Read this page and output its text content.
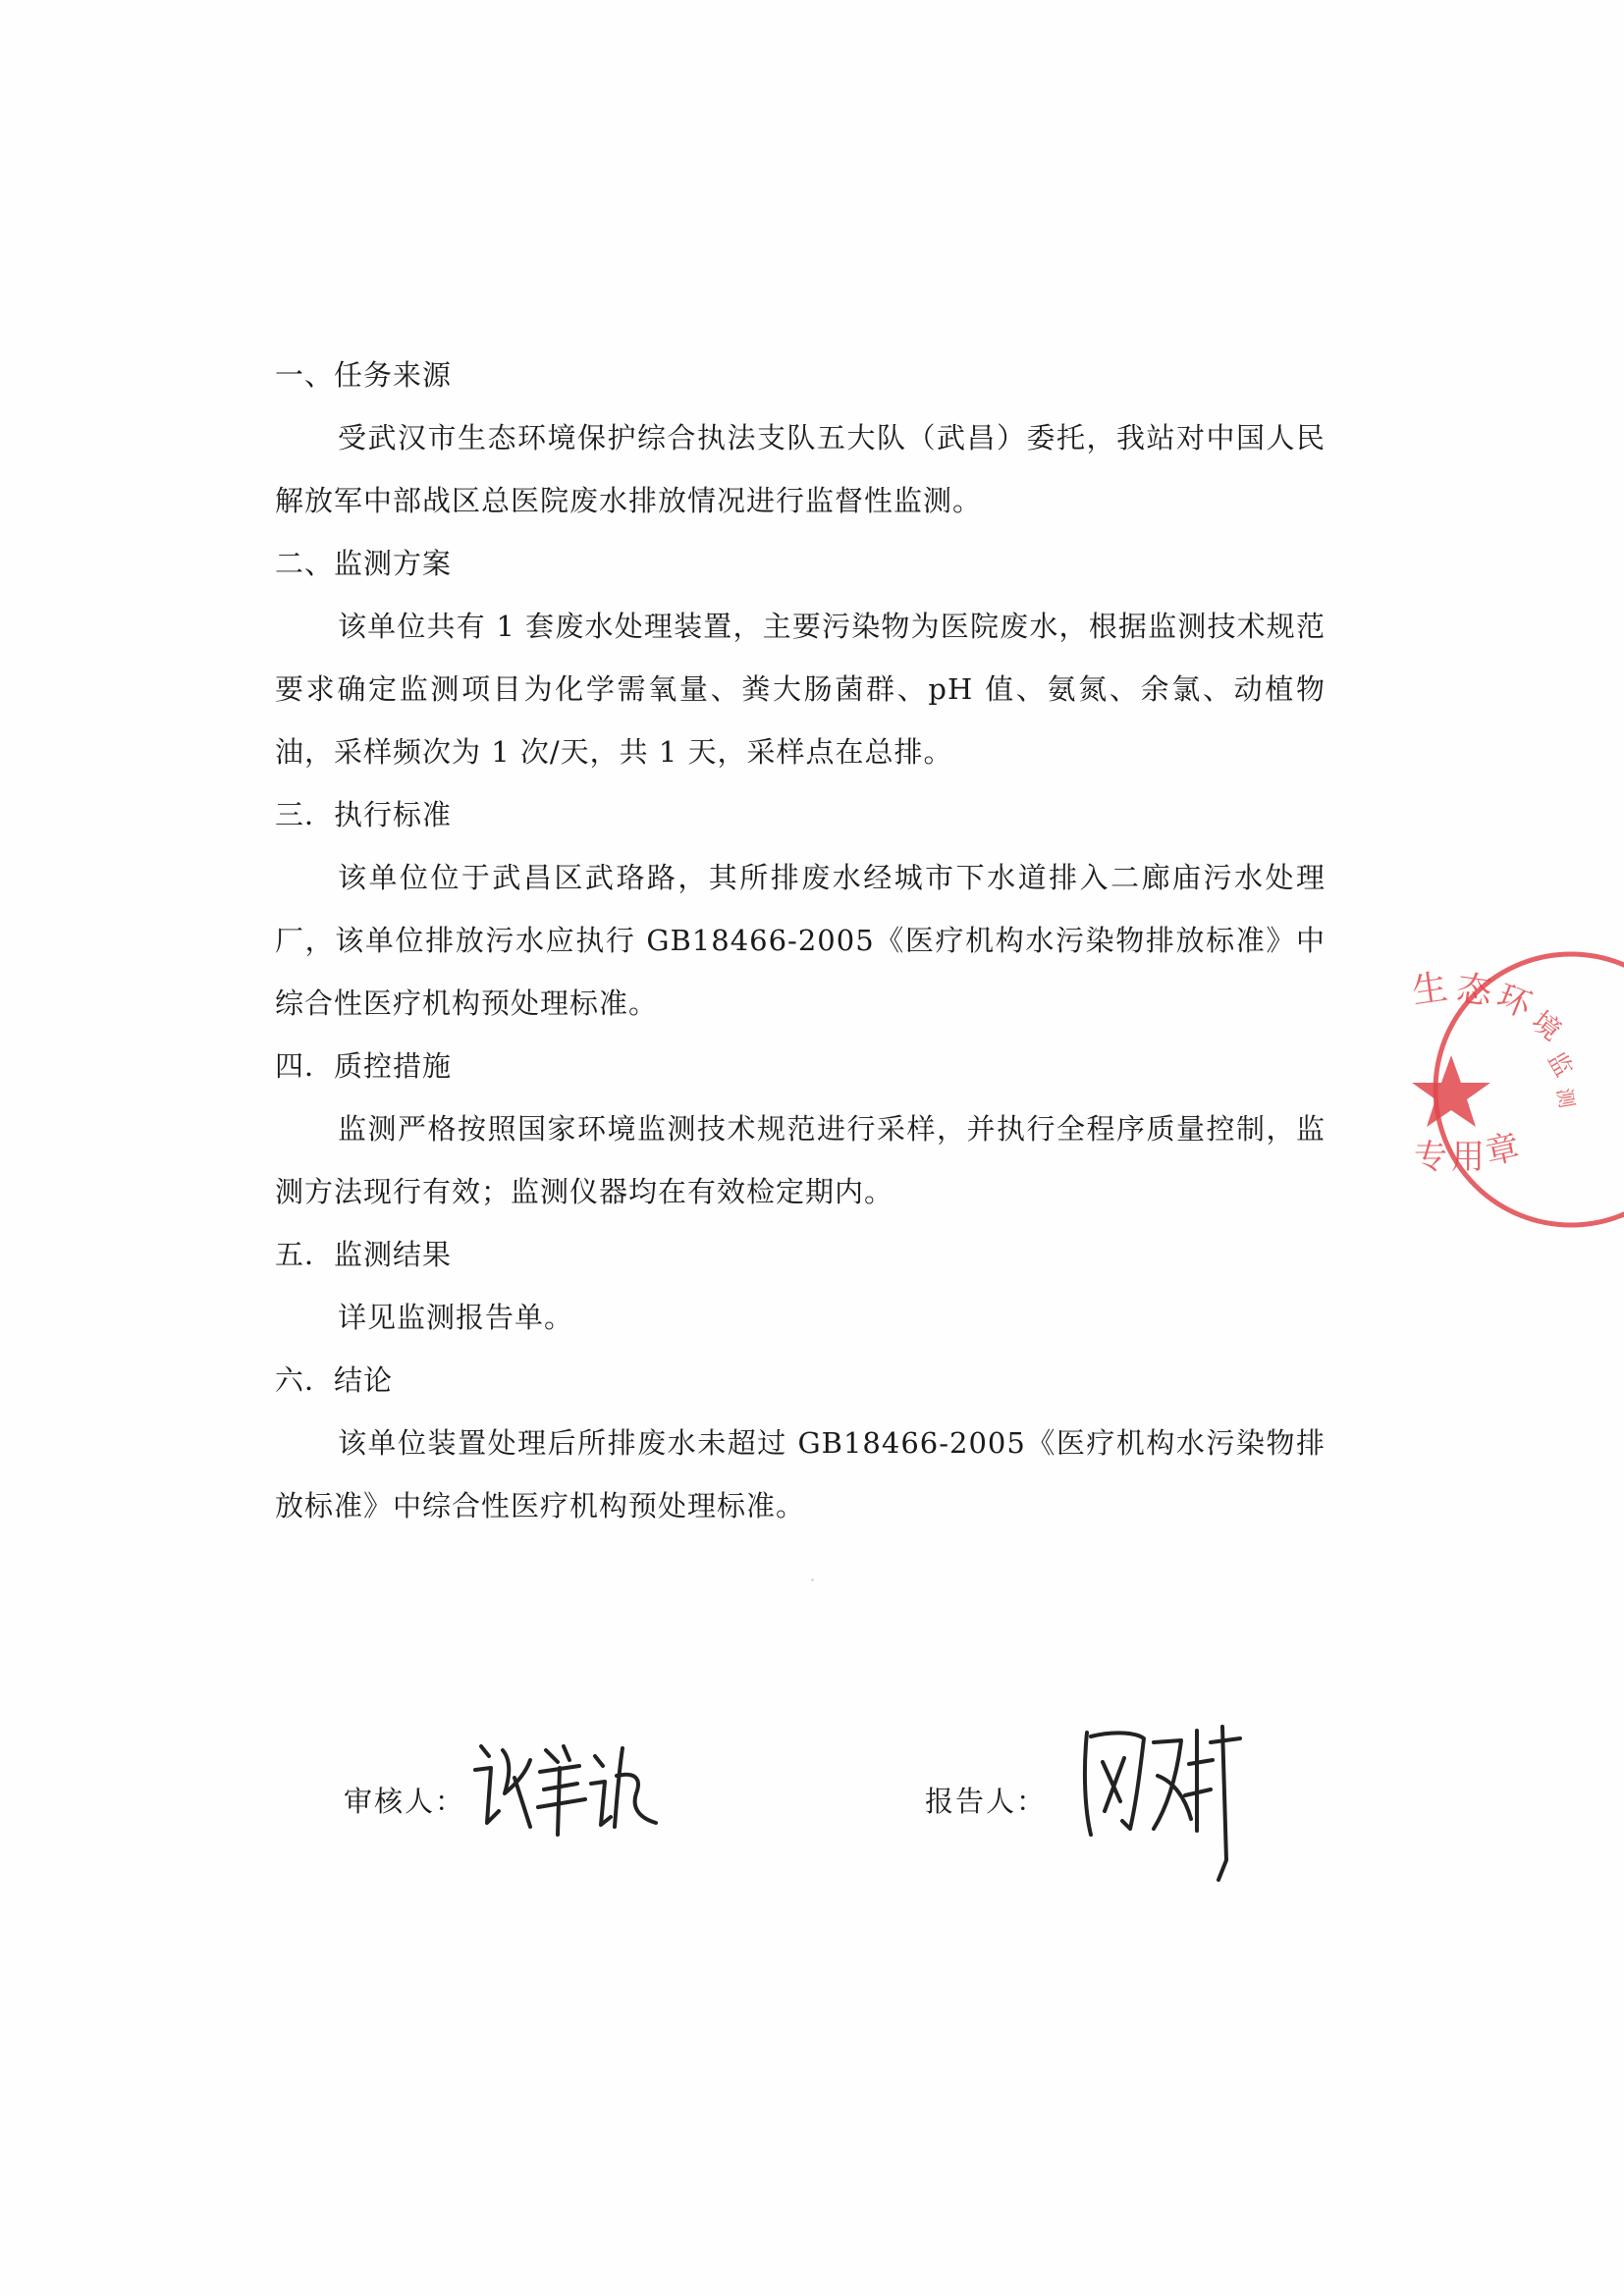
一、任务来源

受武汉市生态环境保护综合执法支队五大队（武昌）委托，我站对中国人民解放军中部战区总医院废水排放情况进行监督性监测。

二、监测方案

该单位共有 1 套废水处理装置，主要污染物为医院废水，根据监测技术规范要求确定监测项目为化学需氧量、粪大肠菌群、pH 值、氨氮、余氯、动植物油，采样频次为 1 次/天，共 1 天，采样点在总排。

三．执行标准

该单位位于武昌区武珞路，其所排废水经城市下水道排入二廊庙污水处理厂，该单位排放污水应执行 GB18466-2005《医疗机构水污染物排放标准》中综合性医疗机构预处理标准。

四．质控措施

监测严格按照国家环境监测技术规范进行采样，并执行全程序质量控制，监测方法现行有效；监测仪器均在有效检定期内。

五．监测结果

详见监测报告单。

六．结论

该单位装置处理后所排废水未超过 GB18466-2005《医疗机构水污染物排放标准》中综合性医疗机构预处理标准。

生 态
环
境
监
测
专 用
章
审核人：	报告人：
